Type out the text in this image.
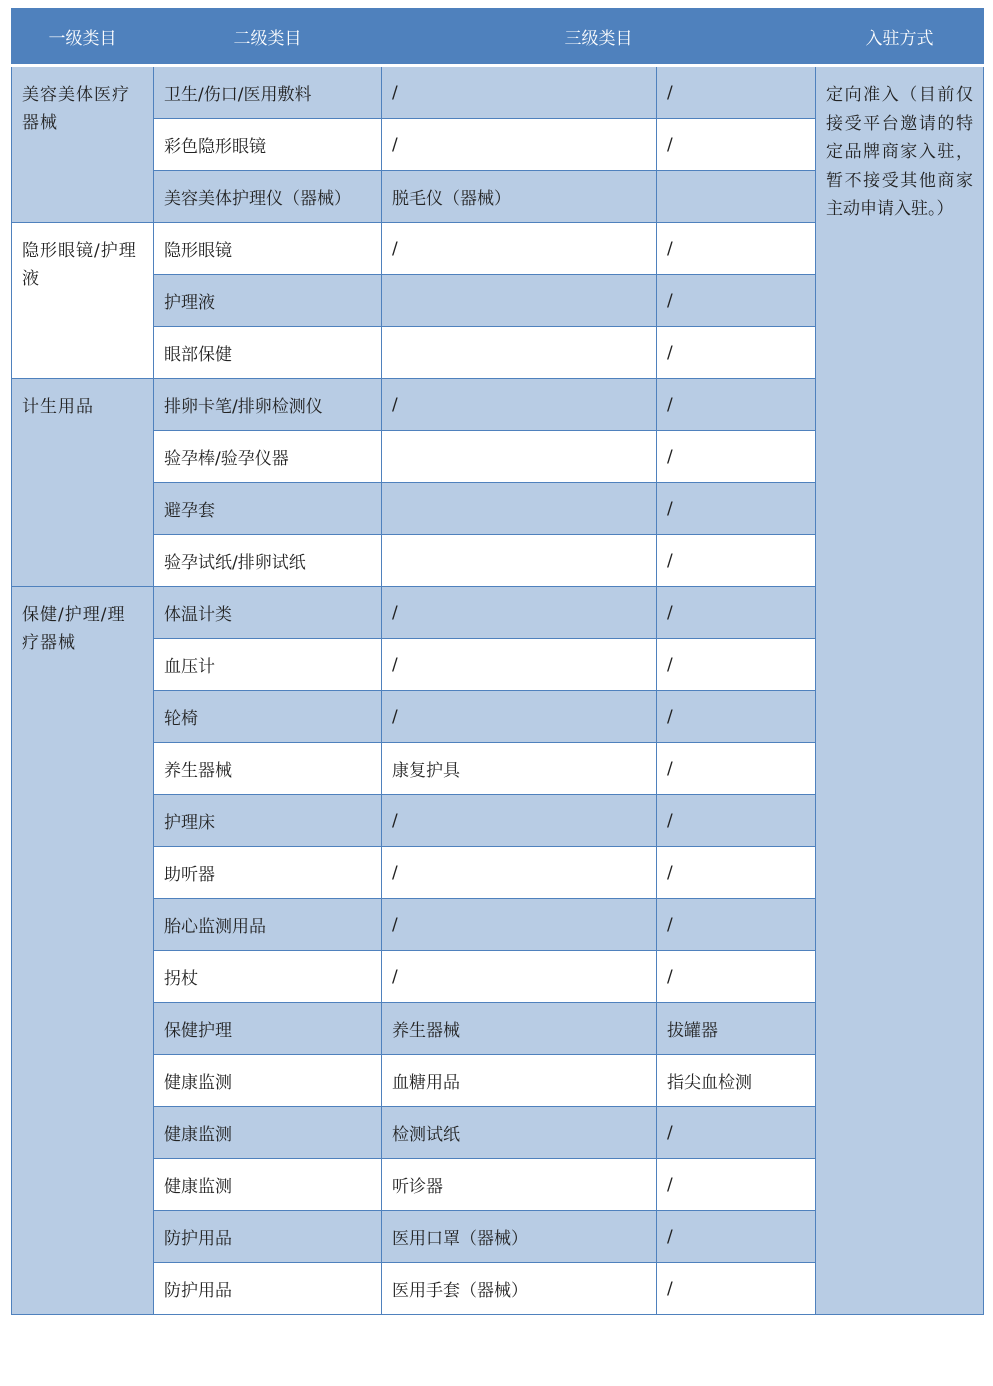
一级类目	二级类目	三级类目		入驻方式
美容美体医疗器械	卫生/伤口/医用敷料	/	/	定向准入（目前仅接受平台邀请的特定品牌商家入驻，暂不接受其他商家主动申请入驻。）
	彩色隐形眼镜	/	/	
	美容美体护理仪（器械）	脱毛仪（器械）		
隐形眼镜/护理液	隐形眼镜	/	/	
	护理液		/	
	眼部保健		/	
计生用品	排卵卡笔/排卵检测仪	/	/	
	验孕棒/验孕仪器		/	
	避孕套		/	
	验孕试纸/排卵试纸		/	
保健/护理/理疗器械	体温计类	/	/	
	血压计	/	/	
	轮椅	/	/	
	养生器械	康复护具	/	
	护理床	/	/	
	助听器	/	/	
	胎心监测用品	/	/	
	拐杖	/	/	
	保健护理	养生器械	拔罐器	
	健康监测	血糖用品	指尖血检测	
	健康监测	检测试纸	/	
	健康监测	听诊器	/	
	防护用品	医用口罩（器械）	/	
	防护用品	医用手套（器械）	/	
